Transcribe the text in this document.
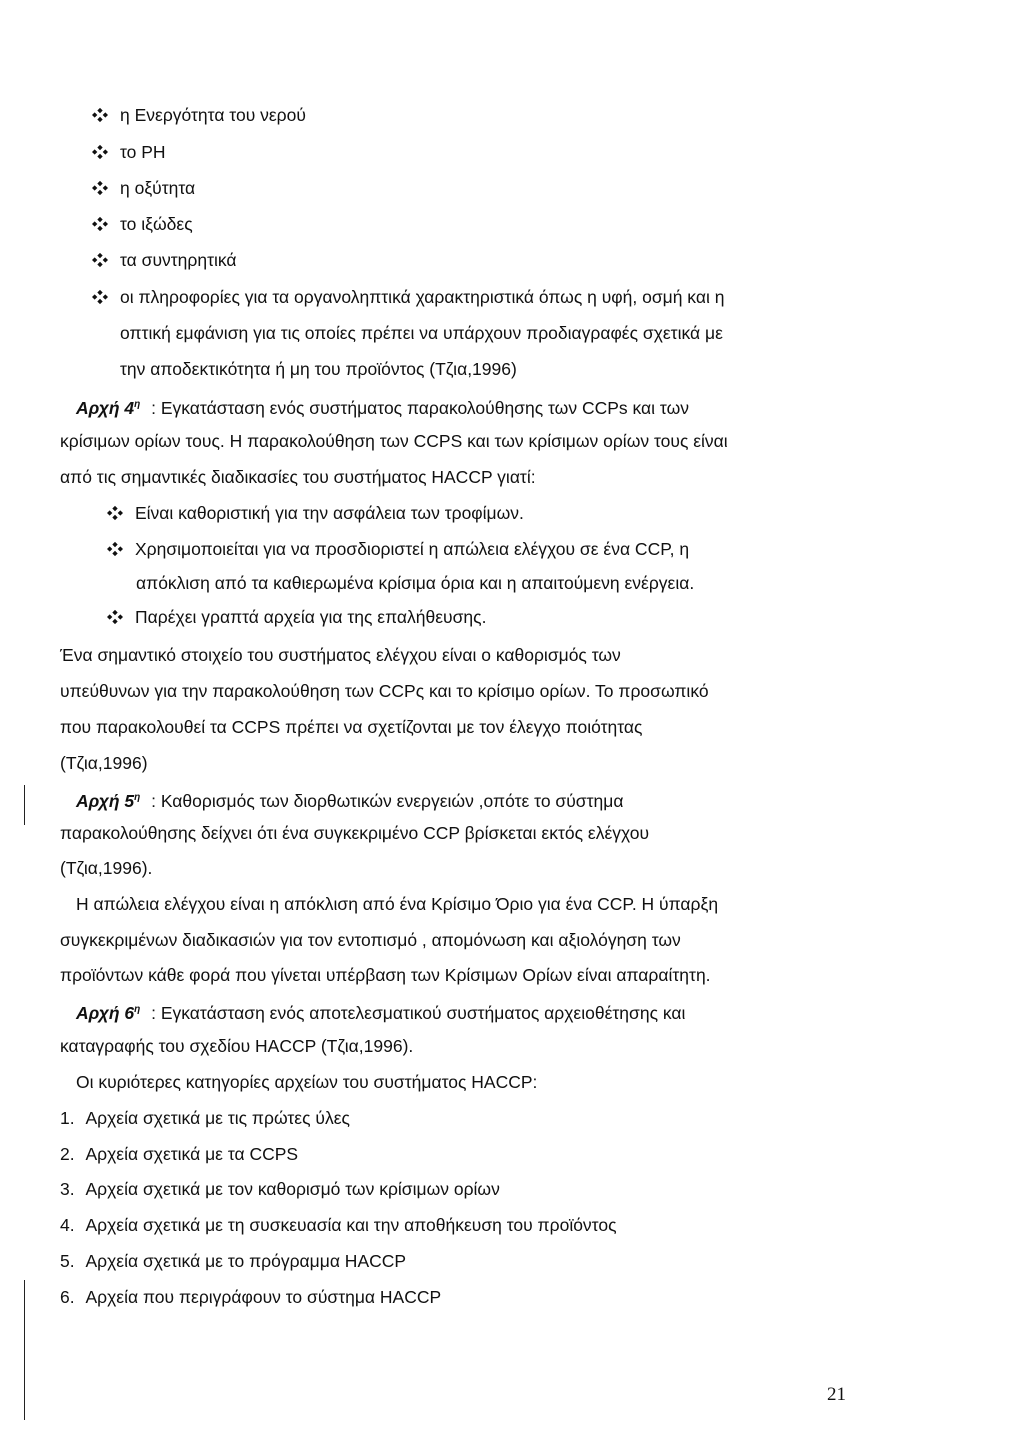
η Ενεργότητα του νερού
το PH
η οξύτητα
το ιξώδες
τα συντηρητικά
οι πληροφορίες για τα οργανοληπτικά χαρακτηριστικά όπως η υφή, οσμή και η
οπτική εμφάνιση για τις οποίες πρέπει να υπάρχουν προδιαγραφές σχετικά με
την αποδεκτικότητα ή μη του προϊόντος (Τζια,1996)
Αρχή $4^\eta$ : Εγκατάσταση ενός συστήματος παρακολούθησης των CCPs και των
κρίσιμων ορίων τους. Η παρακολούθηση των CCPS και των κρίσιμων ορίων τους είναι
από τις σημαντικές διαδικασίες του συστήματος HACCP γιατί:
Είναι καθοριστική για την ασφάλεια των τροφίμων.
Χρησιμοποιείται για να προσδιοριστεί η απώλεια ελέγχου σε ένα CCP, η
απόκλιση από τα καθιερωμένα κρίσιμα όρια και η απαιτούμενη ενέργεια.
Παρέχει γραπτά αρχεία για της επαλήθευσης.
Ένα σημαντικό στοιχείο του συστήματος ελέγχου είναι ο καθορισμός των
υπεύθυνων για την παρακολούθηση των CCPς και το κρίσιμο ορίων. Το προσωπικό
που παρακολουθεί τα CCPS πρέπει να σχετίζονται με τον έλεγχο ποιότητας
(Τζια,1996)
Αρχή $5^\eta$ : Καθορισμός των διορθωτικών ενεργειών ,οπότε το σύστημα
παρακολούθησης δείχνει ότι ένα συγκεκριμένο CCP βρίσκεται εκτός ελέγχου
(Τζια,1996).
Η απώλεια ελέγχου είναι η απόκλιση από ένα Κρίσιμο Όριο για ένα CCP. Η ύπαρξη
συγκεκριμένων διαδικασιών για τον εντοπισμό , απομόνωση και αξιολόγηση των
προϊόντων κάθε φορά που γίνεται υπέρβαση των Κρίσιμων Ορίων είναι απαραίτητη.
Αρχή $6^\eta$ : Εγκατάσταση ενός αποτελεσματικού συστήματος αρχειοθέτησης και
καταγραφής του σχεδίου HACCP (Τζια,1996).
Οι κυριότερες κατηγορίες αρχείων του συστήματος HACCP:
1. Αρχεία σχετικά με τις πρώτες ύλες
2. Αρχεία σχετικά με τα CCPS
3. Αρχεία σχετικά με τον καθορισμό των κρίσιμων ορίων
4. Αρχεία σχετικά με τη συσκευασία και την αποθήκευση του προϊόντος
5. Αρχεία σχετικά με το πρόγραμμα HACCP
6. Αρχεία που περιγράφουν το σύστημα HACCP
21
